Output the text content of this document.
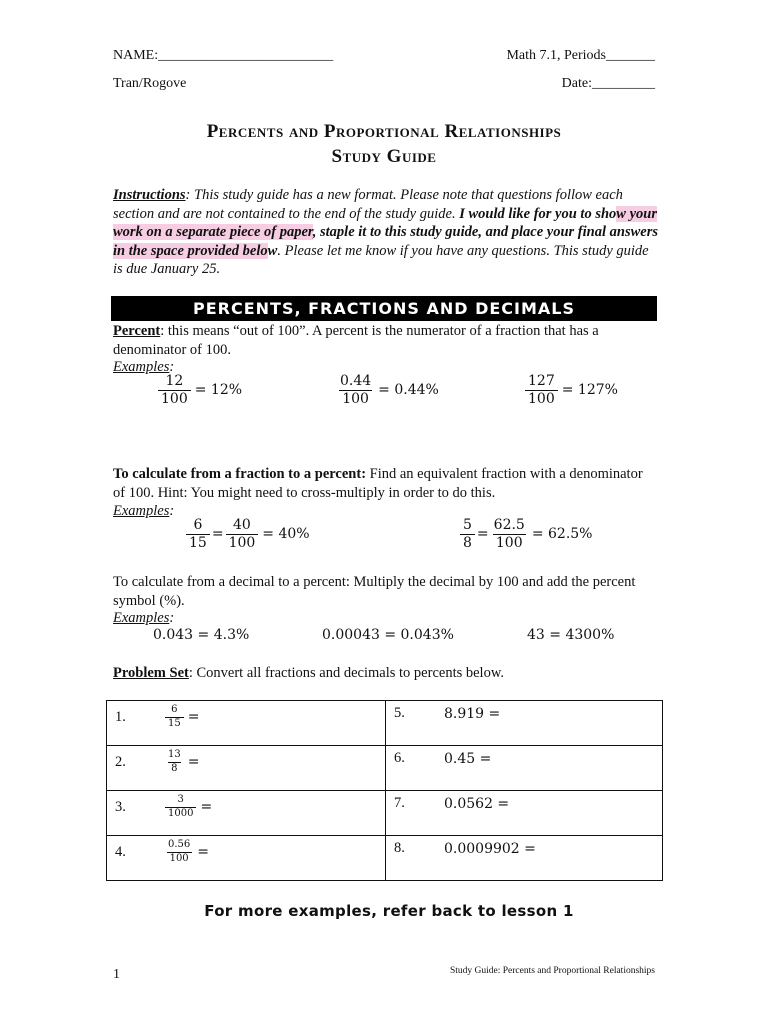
NAME:_________________________	Math 7.1, Periods_______
Tran/Rogove	Date:_________
Percents and Proportional Relationships
Study Guide
Instructions: This study guide has a new format. Please note that questions follow each section and are not contained to the end of the study guide. I would like for you to show your work on a separate piece of paper, staple it to this study guide, and place your final answers in the space provided below. Please let me know if you have any questions. This study guide is due January 25.
PERCENTS, FRACTIONS AND DECIMALS
Percent: this means “out of 100”. A percent is the numerator of a fraction that has a denominator of 100.
Examples:
$\frac{12}{100} = 12\%$	$\frac{0.44}{100} = 0.44\%$	$\frac{127}{100} = 127\%$
To calculate from a fraction to a percent: Find an equivalent fraction with a denominator of 100. Hint: You might need to cross-multiply in order to do this.
Examples:
$\frac{6}{15} = \frac{40}{100} = 40\%$	$\frac{5}{8} = \frac{62.5}{100} = 62.5\%$
To calculate from a decimal to a percent: Multiply the decimal by 100 and add the percent symbol (%).
Examples:
0.043 = 4.3%	0.00043 = 0.043%	43 = 4300%
Problem Set: Convert all fractions and decimals to percents below.
1. $\frac{6}{15}$ =	5. 8.919 =

2. $\frac{13}{8}$ =	6. 0.45 =

3. $\frac{3}{1000}$ =	7. 0.0562 =

4. $\frac{0.56}{100}$ =	8. 0.0009902 =
For more examples, refer back to lesson 1
1	Study Guide: Percents and Proportional Relationships
